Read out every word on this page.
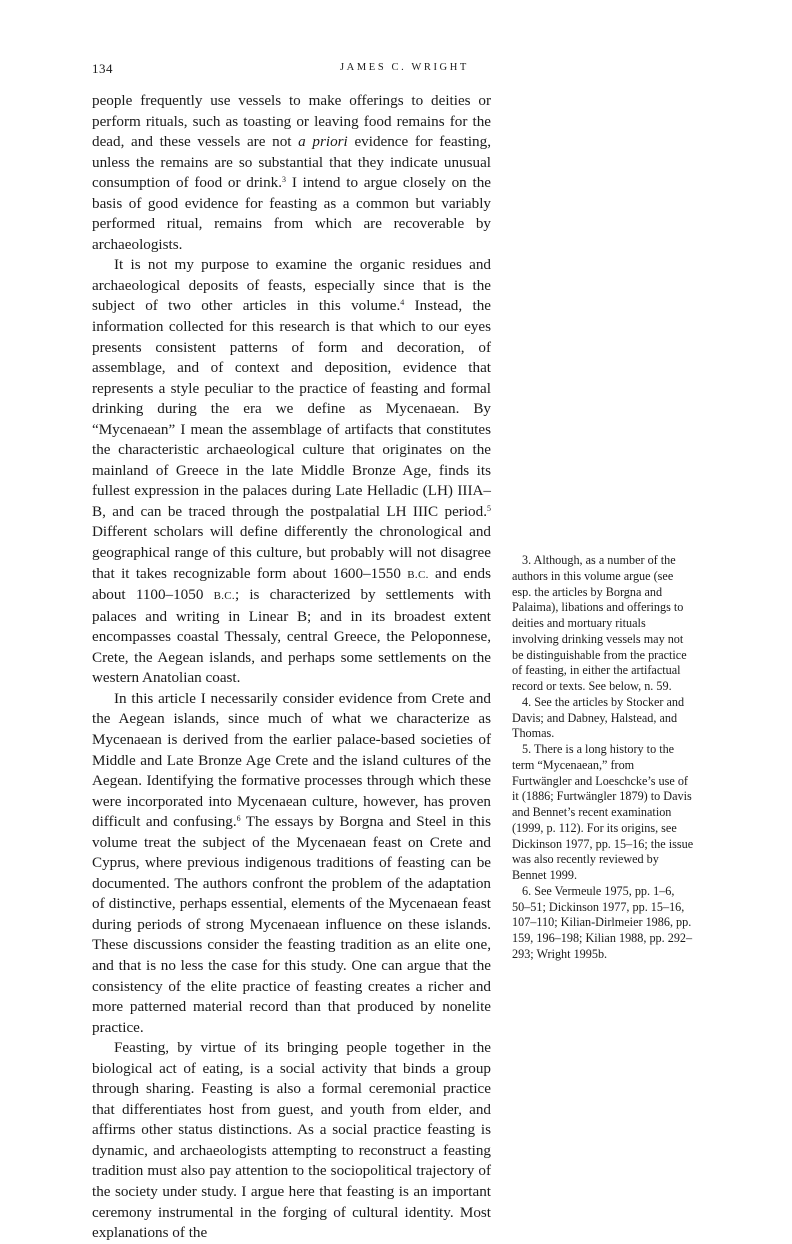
134	JAMES C. WRIGHT

people frequently use vessels to make offerings to deities or perform rituals, such as toasting or leaving food remains for the dead, and these vessels are not a priori evidence for feasting, unless the remains are so substantial that they indicate unusual consumption of food or drink.$^3$ I intend to argue closely on the basis of good evidence for feasting as a common but variably performed ritual, remains from which are recoverable by archaeologists.

It is not my purpose to examine the organic residues and archaeological deposits of feasts, especially since that is the subject of two other articles in this volume.$^4$ Instead, the information collected for this research is that which to our eyes presents consistent patterns of form and decoration, of assemblage, and of context and deposition, evidence that represents a style peculiar to the practice of feasting and formal drinking during the era we define as Mycenaean. By “Mycenaean” I mean the assemblage of artifacts that constitutes the characteristic archaeological culture that originates on the mainland of Greece in the late Middle Bronze Age, finds its fullest expression in the palaces during Late Helladic (LH) IIIA–B, and can be traced through the postpalatial LH IIIC period.$^5$ Different scholars will define differently the chronological and geographical range of this culture, but probably will not disagree that it takes recognizable form about 1600–1550 B.C. and ends about 1100–1050 B.C.; is characterized by settlements with palaces and writing in Linear B; and in its broadest extent encompasses coastal Thessaly, central Greece, the Peloponnese, Crete, the Aegean islands, and perhaps some settlements on the western Anatolian coast.

In this article I necessarily consider evidence from Crete and the Aegean islands, since much of what we characterize as Mycenaean is derived from the earlier palace-based societies of Middle and Late Bronze Age Crete and the island cultures of the Aegean. Identifying the formative processes through which these were incorporated into Mycenaean culture, however, has proven difficult and confusing.$^6$ The essays by Borgna and Steel in this volume treat the subject of the Mycenaean feast on Crete and Cyprus, where previous indigenous traditions of feasting can be documented. The authors confront the problem of the adaptation of distinctive, perhaps essential, elements of the Mycenaean feast during periods of strong Mycenaean influence on these islands. These discussions consider the feasting tradition as an elite one, and that is no less the case for this study. One can argue that the consistency of the elite practice of feasting creates a richer and more patterned material record than that produced by nonelite practice.

Feasting, by virtue of its bringing people together in the biological act of eating, is a social activity that binds a group through sharing. Feasting is also a formal ceremonial practice that differentiates host from guest, and youth from elder, and affirms other status distinctions. As a social practice feasting is dynamic, and archaeologists attempting to reconstruct a feasting tradition must also pay attention to the sociopolitical trajectory of the society under study. I argue here that feasting is an important ceremony instrumental in the forging of cultural identity. Most explanations of the

3. Although, as a number of the authors in this volume argue (see esp. the articles by Borgna and Palaima), libations and offerings to deities and mortuary rituals involving drinking vessels may not be distinguishable from the practice of feasting, in either the artifactual record or texts. See below, n. 59.

4. See the articles by Stocker and Davis; and Dabney, Halstead, and Thomas.

5. There is a long history to the term “Mycenaean,” from Furtwängler and Loeschcke’s use of it (1886; Furtwängler 1879) to Davis and Bennet’s recent examination (1999, p. 112). For its origins, see Dickinson 1977, pp. 15–16; the issue was also recently reviewed by Bennet 1999.

6. See Vermeule 1975, pp. 1–6, 50–51; Dickinson 1977, pp. 15–16, 107–110; Kilian-Dirlmeier 1986, pp. 159, 196–198; Kilian 1988, pp. 292–293; Wright 1995b.
